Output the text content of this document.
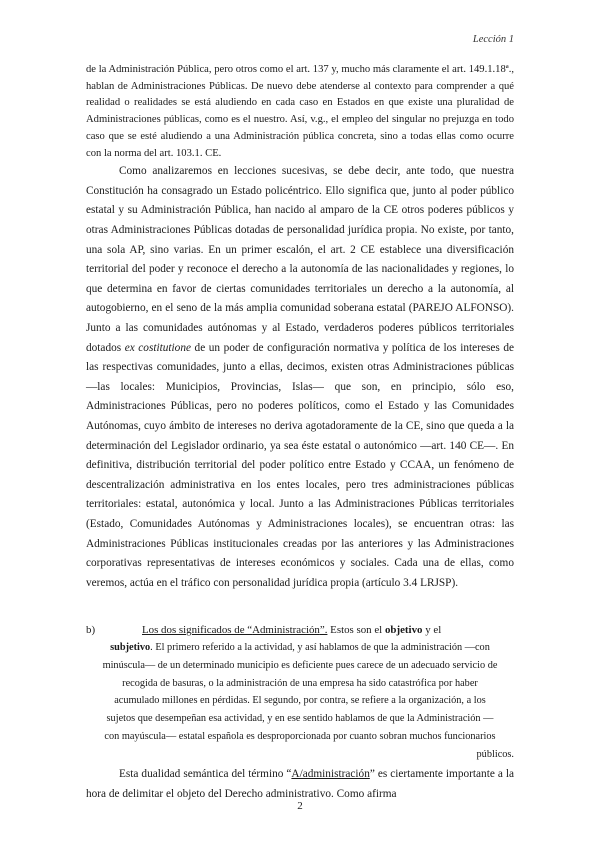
Lección 1

de la Administración Pública, pero otros como el art. 137 y, mucho más claramente el art. 149.1.18ª., hablan de Administraciones Públicas. De nuevo debe atenderse al contexto para comprender a qué realidad o realidades se está aludiendo en cada caso en Estados en que existe una pluralidad de Administraciones públicas, como es el nuestro. Así, v.g., el empleo del singular no prejuzga en todo caso que se esté aludiendo a una Administración pública concreta, sino a todas ellas como ocurre con la norma del art. 103.1. CE.

Como analizaremos en lecciones sucesivas, se debe decir, ante todo, que nuestra Constitución ha consagrado un Estado policéntrico. Ello significa que, junto al poder público estatal y su Administración Pública, han nacido al amparo de la CE otros poderes públicos y otras Administraciones Públicas dotadas de personalidad jurídica propia. No existe, por tanto, una sola AP, sino varias. En un primer escalón, el art. 2 CE establece una diversificación territorial del poder y reconoce el derecho a la autonomía de las nacionalidades y regiones, lo que determina en favor de ciertas comunidades territoriales un derecho a la autonomía, al autogobierno, en el seno de la más amplia comunidad soberana estatal (PAREJO ALFONSO). Junto a las comunidades autónomas y al Estado, verdaderos poderes públicos territoriales dotados ex costitutione de un poder de configuración normativa y política de los intereses de las respectivas comunidades, junto a ellas, decimos, existen otras Administraciones públicas —las locales: Municipios, Provincias, Islas— que son, en principio, sólo eso, Administraciones Públicas, pero no poderes políticos, como el Estado y las Comunidades Autónomas, cuyo ámbito de intereses no deriva agotadoramente de la CE, sino que queda a la determinación del Legislador ordinario, ya sea éste estatal o autonómico —art. 140 CE—. En definitiva, distribución territorial del poder político entre Estado y CCAA, un fenómeno de descentralización administrativa en los entes locales, pero tres administraciones públicas territoriales: estatal, autonómica y local. Junto a las Administraciones Públicas territoriales (Estado, Comunidades Autónomas y Administraciones locales), se encuentran otras: las Administraciones Públicas institucionales creadas por las anteriores y las Administraciones corporativas representativas de intereses económicos y sociales. Cada una de ellas, como veremos, actúa en el tráfico con personalidad jurídica propia (artículo 3.4 LRJSP).

b)	Los dos significados de “Administración”. Estos son el objetivo y el

subjetivo. El primero referido a la actividad, y así hablamos de que la administración —con
minúscula— de un determinado municipio es deficiente pues carece de un adecuado servicio de
recogida de basuras, o la administración de una empresa ha sido catastrófica por haber
acumulado millones en pérdidas. El segundo, por contra, se refiere a la organización, a los
sujetos que desempeñan esa actividad, y en ese sentido hablamos de que la Administración —
con mayúscula— estatal española es desproporcionada por cuanto sobran muchos funcionarios
públicos.

Esta dualidad semántica del término “A/administración” es ciertamente importante a la hora de delimitar el objeto del Derecho administrativo. Como afirma

2
